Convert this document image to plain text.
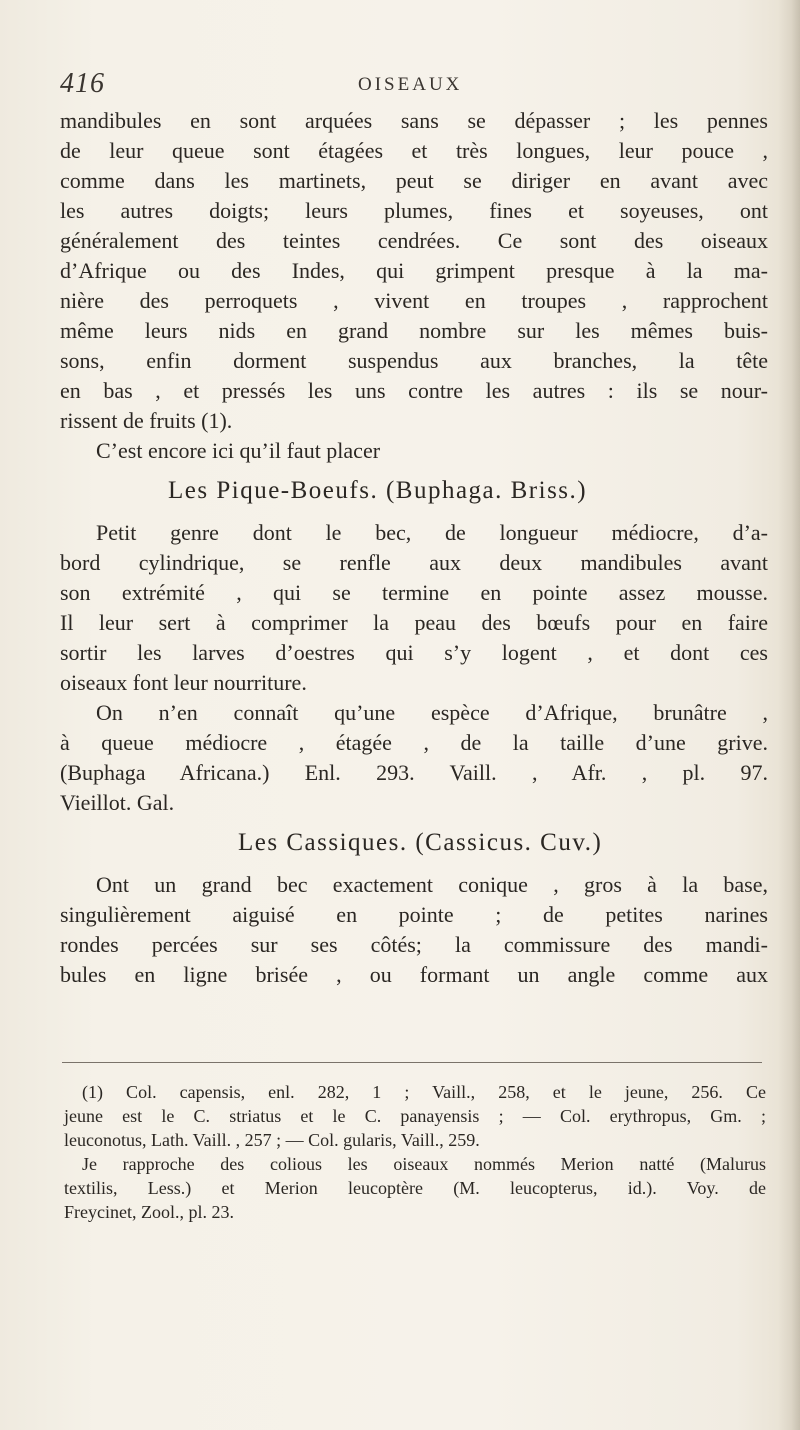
416	OISEAUX
mandibules en sont arquées sans se dépasser ; les pennes
de leur queue sont étagées et très longues, leur pouce ,
comme dans les martinets, peut se diriger en avant avec
les autres doigts; leurs plumes, fines et soyeuses, ont
généralement des teintes cendrées. Ce sont des oiseaux
d’Afrique ou des Indes, qui grimpent presque à la ma-
nière des perroquets , vivent en troupes , rapprochent
même leurs nids en grand nombre sur les mêmes buis-
sons, enfin dorment suspendus aux branches, la tête
en bas , et pressés les uns contre les autres : ils se nour-
rissent de fruits (1).
C’est encore ici qu’il faut placer
Les Pique-Boeufs. (Buphaga. Briss.)
Petit genre dont le bec, de longueur médiocre, d’a-
bord cylindrique, se renfle aux deux mandibules avant
son extrémité , qui se termine en pointe assez mousse.
Il leur sert à comprimer la peau des bœufs pour en faire
sortir les larves d’oestres qui s’y logent , et dont ces
oiseaux font leur nourriture.
On n’en connaît qu’une espèce d’Afrique, brunâtre ,
à queue médiocre , étagée , de la taille d’une grive.
(Buphaga Africana.) Enl. 293. Vaill. , Afr. , pl. 97.
Vieillot. Gal.
Les Cassiques. (Cassicus. Cuv.)
Ont un grand bec exactement conique , gros à la base,
singulièrement aiguisé en pointe ; de petites narines
rondes percées sur ses côtés; la commissure des mandi-
bules en ligne brisée , ou formant un angle comme aux
(1) Col. capensis, enl. 282, 1 ; Vaill., 258, et le jeune, 256. Ce
jeune est le C. striatus et le C. panayensis ; — Col. erythropus, Gm. ;
leuconotus, Lath. Vaill. , 257 ; — Col. gularis, Vaill., 259.
Je rapproche des colious les oiseaux nommés Merion natté (Malurus
textilis, Less.) et Merion leucoptère (M. leucopterus, id.). Voy. de
Freycinet, Zool., pl. 23.
